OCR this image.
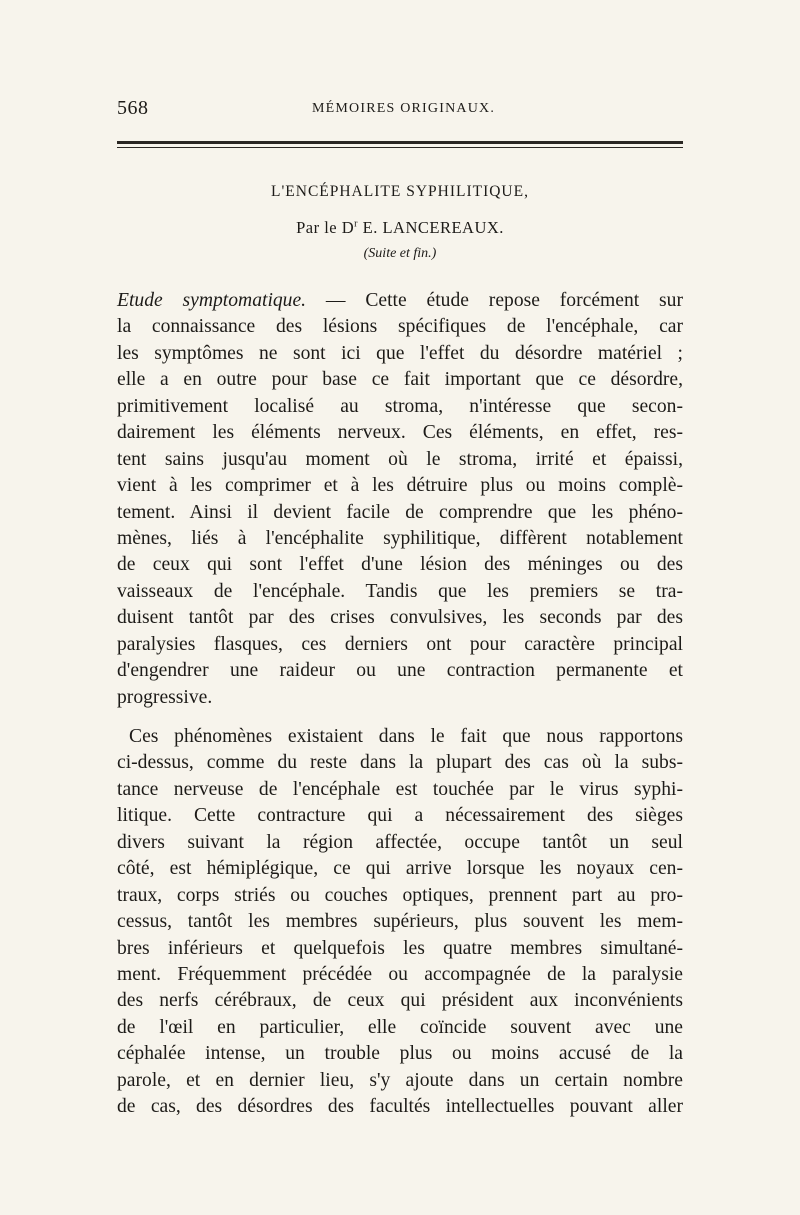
568	MÉMOIRES ORIGINAUX.
L'ENCÉPHALITE SYPHILITIQUE,
Par le $D^r$ E. LANCEREAUX.
(Suite et fin.)
Etude symptomatique. — Cette étude repose forcément sur
la connaissance des lésions spécifiques de l'encéphale, car
les symptômes ne sont ici que l'effet du désordre matériel ;
elle a en outre pour base ce fait important que ce désordre,
primitivement localisé au stroma, n'intéresse que secon-
dairement les éléments nerveux. Ces éléments, en effet, res-
tent sains jusqu'au moment où le stroma, irrité et épaissi,
vient à les comprimer et à les détruire plus ou moins complè-
tement. Ainsi il devient facile de comprendre que les phéno-
mènes, liés à l'encéphalite syphilitique, diffèrent notablement
de ceux qui sont l'effet d'une lésion des méninges ou des
vaisseaux de l'encéphale. Tandis que les premiers se tra-
duisent tantôt par des crises convulsives, les seconds par des
paralysies flasques, ces derniers ont pour caractère principal
d'engendrer une raideur ou une contraction permanente et
progressive.
Ces phénomènes existaient dans le fait que nous rapportons
ci-dessus, comme du reste dans la plupart des cas où la subs-
tance nerveuse de l'encéphale est touchée par le virus syphi-
litique. Cette contracture qui a nécessairement des sièges
divers suivant la région affectée, occupe tantôt un seul
côté, est hémiplégique, ce qui arrive lorsque les noyaux cen-
traux, corps striés ou couches optiques, prennent part au pro-
cessus, tantôt les membres supérieurs, plus souvent les mem-
bres inférieurs et quelquefois les quatre membres simultané-
ment. Fréquemment précédée ou accompagnée de la paralysie
des nerfs cérébraux, de ceux qui président aux inconvénients
de l'œil en particulier, elle coïncide souvent avec une
céphalée intense, un trouble plus ou moins accusé de la
parole, et en dernier lieu, s'y ajoute dans un certain nombre
de cas, des désordres des facultés intellectuelles pouvant aller
